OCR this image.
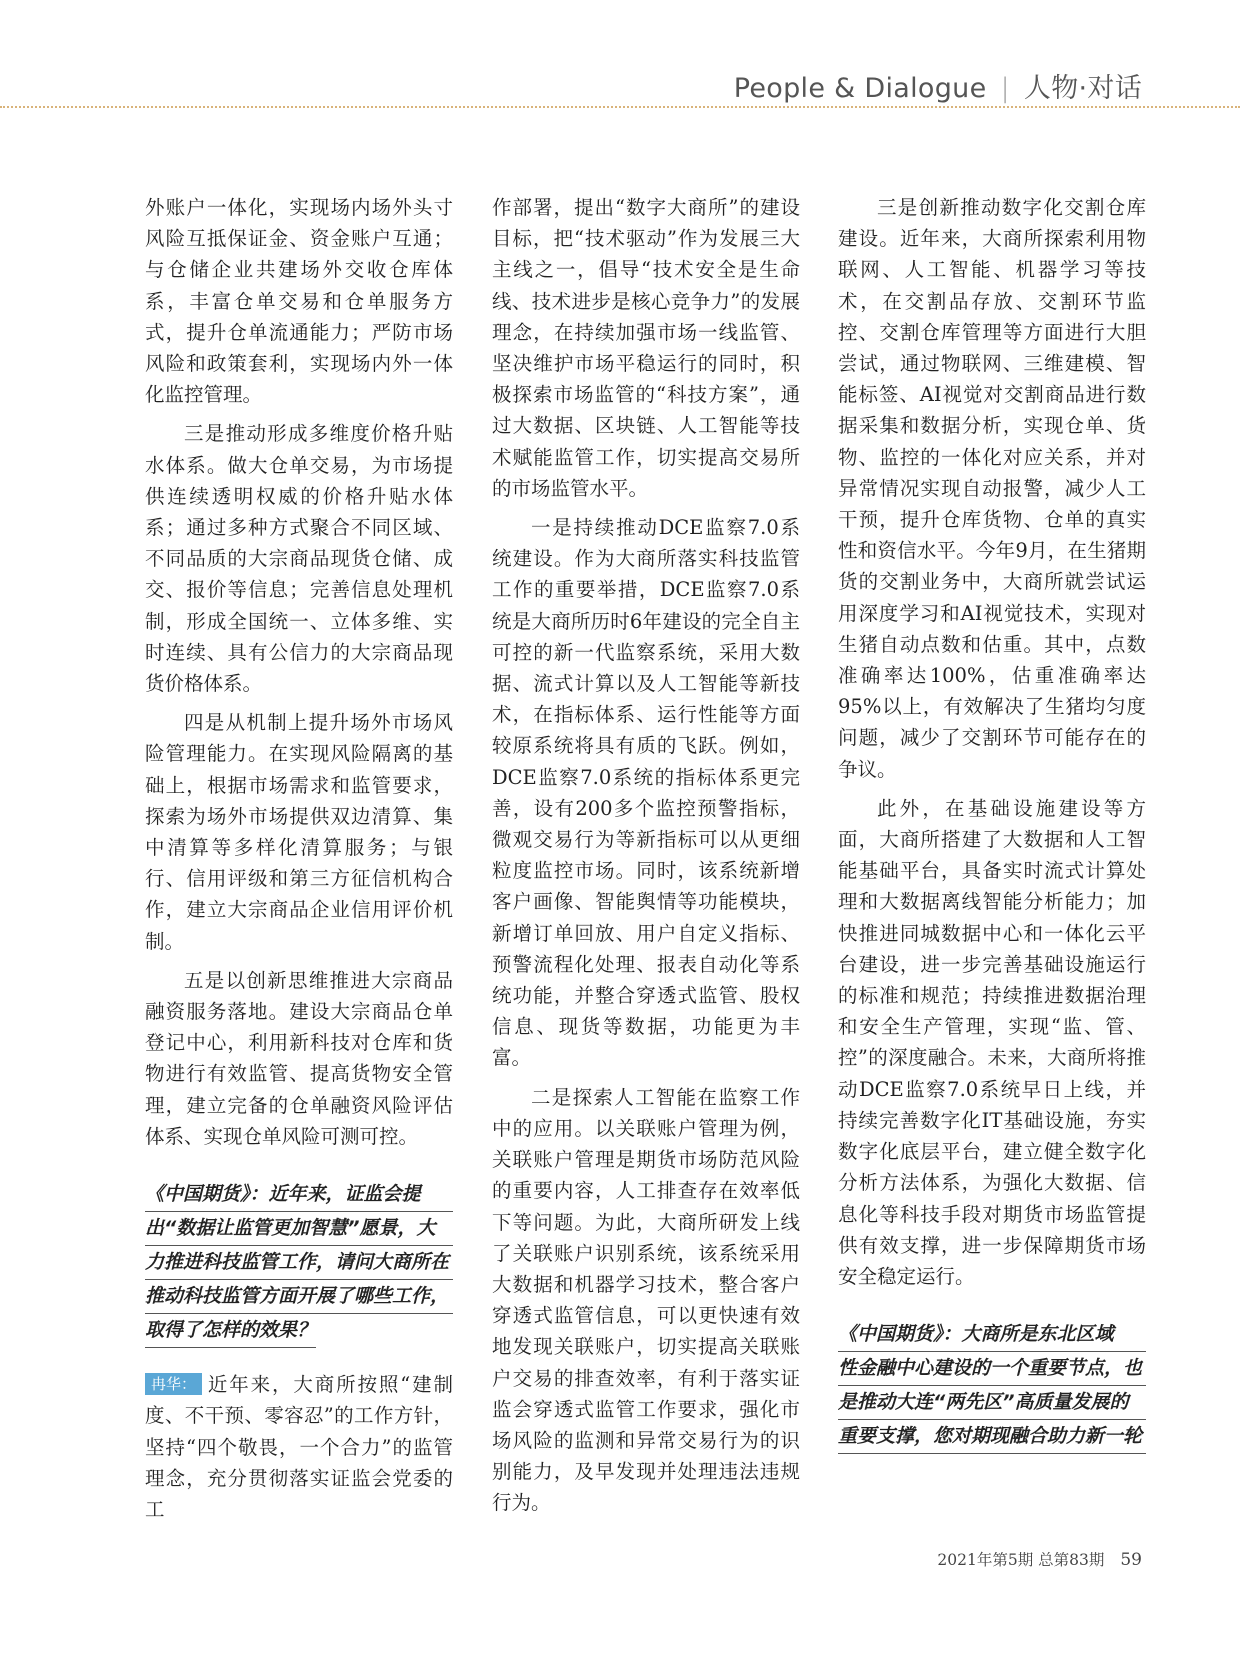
People & Dialogue | 人物·对话

外账户一体化，实现场内场外头寸风险互抵保证金、资金账户互通；与仓储企业共建场外交收仓库体系，丰富仓单交易和仓单服务方式，提升仓单流通能力；严防市场风险和政策套利，实现场内外一体化监控管理。

三是推动形成多维度价格升贴水体系。做大仓单交易，为市场提供连续透明权威的价格升贴水体系；通过多种方式聚合不同区域、不同品质的大宗商品现货仓储、成交、报价等信息；完善信息处理机制，形成全国统一、立体多维、实时连续、具有公信力的大宗商品现货价格体系。

四是从机制上提升场外市场风险管理能力。在实现风险隔离的基础上，根据市场需求和监管要求，探索为场外市场提供双边清算、集中清算等多样化清算服务；与银行、信用评级和第三方征信机构合作，建立大宗商品企业信用评价机制。

五是以创新思维推进大宗商品融资服务落地。建设大宗商品仓单登记中心，利用新科技对仓库和货物进行有效监管、提高货物安全管理，建立完备的仓单融资风险评估体系、实现仓单风险可测可控。

《中国期货》：近年来，证监会提
出“数据让监管更加智慧”愿景，大
力推进科技监管工作，请问大商所在
推动科技监管方面开展了哪些工作，
取得了怎样的效果？

冉华： 近年来，大商所按照“建制度、不干预、零容忍”的工作方针，坚持“四个敬畏，一个合力”的监管理念，充分贯彻落实证监会党委的工

作部署，提出“数字大商所”的建设目标，把“技术驱动”作为发展三大主线之一，倡导“技术安全是生命线、技术进步是核心竞争力”的发展理念，在持续加强市场一线监管、坚决维护市场平稳运行的同时，积极探索市场监管的“科技方案”，通过大数据、区块链、人工智能等技术赋能监管工作，切实提高交易所的市场监管水平。

一是持续推动DCE监察7.0系统建设。作为大商所落实科技监管工作的重要举措，DCE监察7.0系统是大商所历时6年建设的完全自主可控的新一代监察系统，采用大数据、流式计算以及人工智能等新技术，在指标体系、运行性能等方面较原系统将具有质的飞跃。例如，DCE监察7.0系统的指标体系更完善，设有200多个监控预警指标，微观交易行为等新指标可以从更细粒度监控市场。同时，该系统新增客户画像、智能舆情等功能模块，新增订单回放、用户自定义指标、预警流程化处理、报表自动化等系统功能，并整合穿透式监管、股权信息、现货等数据，功能更为丰富。

二是探索人工智能在监察工作中的应用。以关联账户管理为例，关联账户管理是期货市场防范风险的重要内容，人工排查存在效率低下等问题。为此，大商所研发上线了关联账户识别系统，该系统采用大数据和机器学习技术，整合客户穿透式监管信息，可以更快速有效地发现关联账户，切实提高关联账户交易的排查效率，有利于落实证监会穿透式监管工作要求，强化市场风险的监测和异常交易行为的识别能力，及早发现并处理违法违规行为。

三是创新推动数字化交割仓库建设。近年来，大商所探索利用物联网、人工智能、机器学习等技术，在交割品存放、交割环节监控、交割仓库管理等方面进行大胆尝试，通过物联网、三维建模、智能标签、AI视觉对交割商品进行数据采集和数据分析，实现仓单、货物、监控的一体化对应关系，并对异常情况实现自动报警，减少人工干预，提升仓库货物、仓单的真实性和资信水平。今年9月，在生猪期货的交割业务中，大商所就尝试运用深度学习和AI视觉技术，实现对生猪自动点数和估重。其中，点数准确率达100%，估重准确率达95%以上，有效解决了生猪均匀度问题，减少了交割环节可能存在的争议。

此外，在基础设施建设等方面，大商所搭建了大数据和人工智能基础平台，具备实时流式计算处理和大数据离线智能分析能力；加快推进同城数据中心和一体化云平台建设，进一步完善基础设施运行的标准和规范；持续推进数据治理和安全生产管理，实现“监、管、控”的深度融合。未来，大商所将推动DCE监察7.0系统早日上线，并持续完善数字化IT基础设施，夯实数字化底层平台，建立健全数字化分析方法体系，为强化大数据、信息化等科技手段对期货市场监管提供有效支撑，进一步保障期货市场安全稳定运行。

《中国期货》：大商所是东北区域
性金融中心建设的一个重要节点，也
是推动大连“两先区”高质量发展的
重要支撑，您对期现融合助力新一轮
2021年第5期 总第83期 59
